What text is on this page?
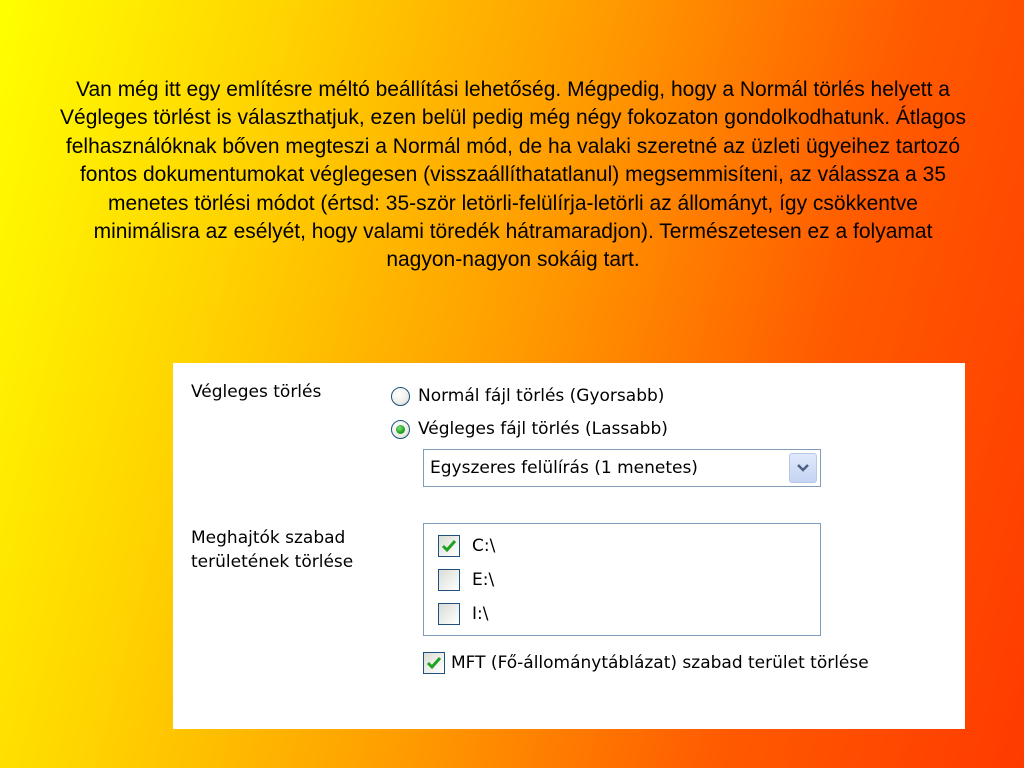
Van még itt egy említésre méltó beállítási lehetőség. Mégpedig, hogy a Normál törlés helyett a Végleges törlést is választhatjuk, ezen belül pedig még négy fokozaton gondolkodhatunk. Átlagos felhasználóknak bőven megteszi a Normál mód, de ha valaki szeretné az üzleti ügyeihez tartozó fontos dokumentumokat véglegesen (visszaállíthatatlanul) megsemmisíteni, az válassza a 35 menetes törlési módot (értsd: 35-ször letörli-felülírja-letörli az állományt, így csökkentve minimálisra az esélyét, hogy valami töredék hátramaradjon). Természetesen ez a folyamat nagyon-nagyon sokáig tart.
Végleges törlés	Normál fájl törlés (Gyorsabb)
Végleges fájl törlés (Lassabb)
Egyszeres felülírás (1 menetes)
Meghajtók szabad
területének törlése
C:\
E:\
I:\
MFT (Fő-állománytáblázat) szabad terület törlése
